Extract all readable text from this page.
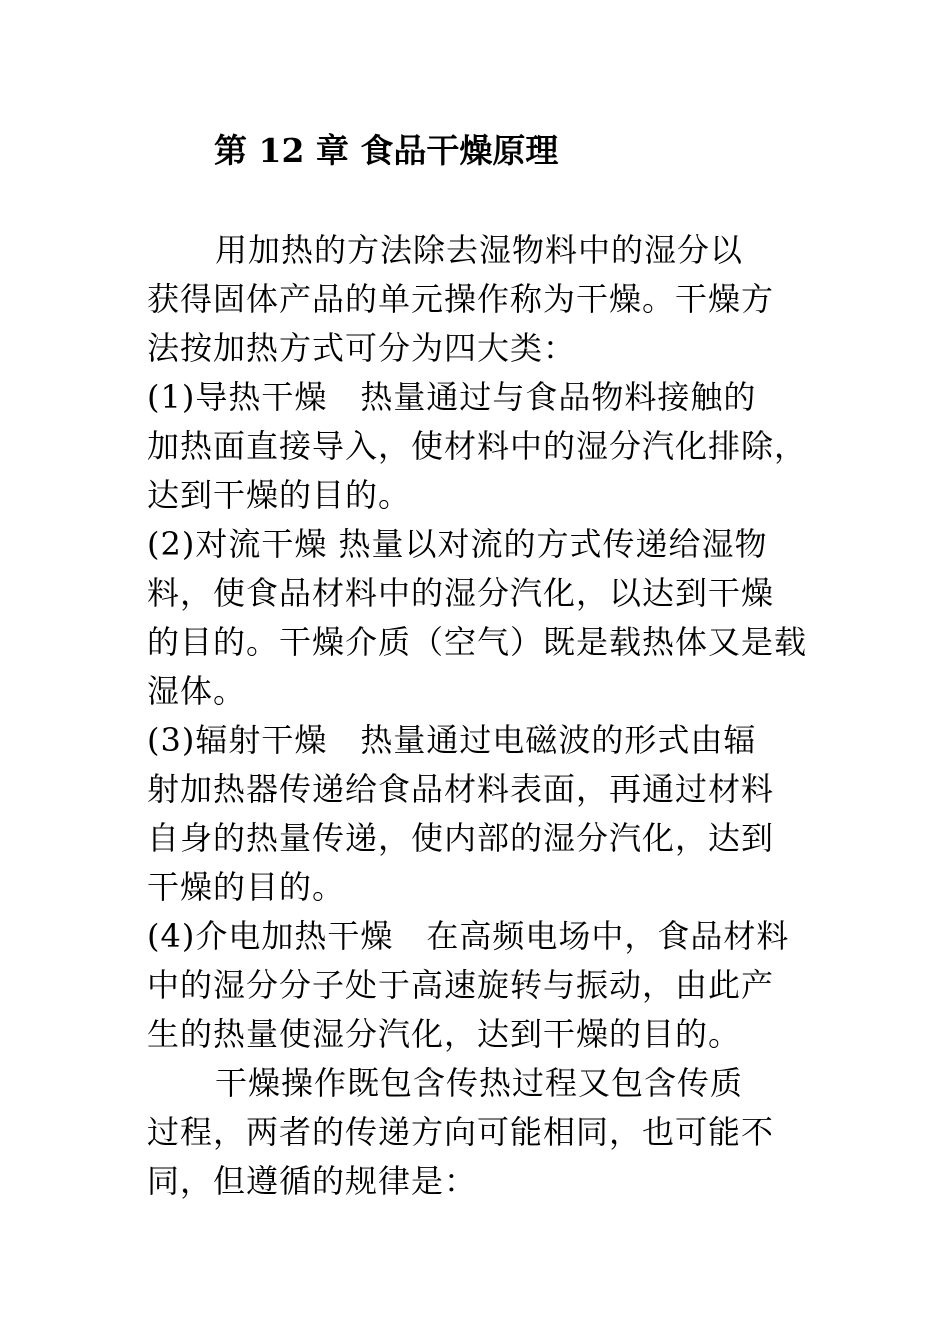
第 12 章 食品干燥原理
用加热的方法除去湿物料中的湿分以
获得固体产品的单元操作称为干燥。干燥方
法按加热方式可分为四大类：
(1)导热干燥　热量通过与食品物料接触的
加热面直接导入，使材料中的湿分汽化排除，
达到干燥的目的。
(2)对流干燥 热量以对流的方式传递给湿物
料，使食品材料中的湿分汽化，以达到干燥
的目的。干燥介质（空气）既是载热体又是载
湿体。
(3)辐射干燥　热量通过电磁波的形式由辐
射加热器传递给食品材料表面，再通过材料
自身的热量传递，使内部的湿分汽化，达到
干燥的目的。
(4)介电加热干燥　在高频电场中，食品材料
中的湿分分子处于高速旋转与振动，由此产
生的热量使湿分汽化，达到干燥的目的。
干燥操作既包含传热过程又包含传质
过程，两者的传递方向可能相同，也可能不
同，但遵循的规律是：
